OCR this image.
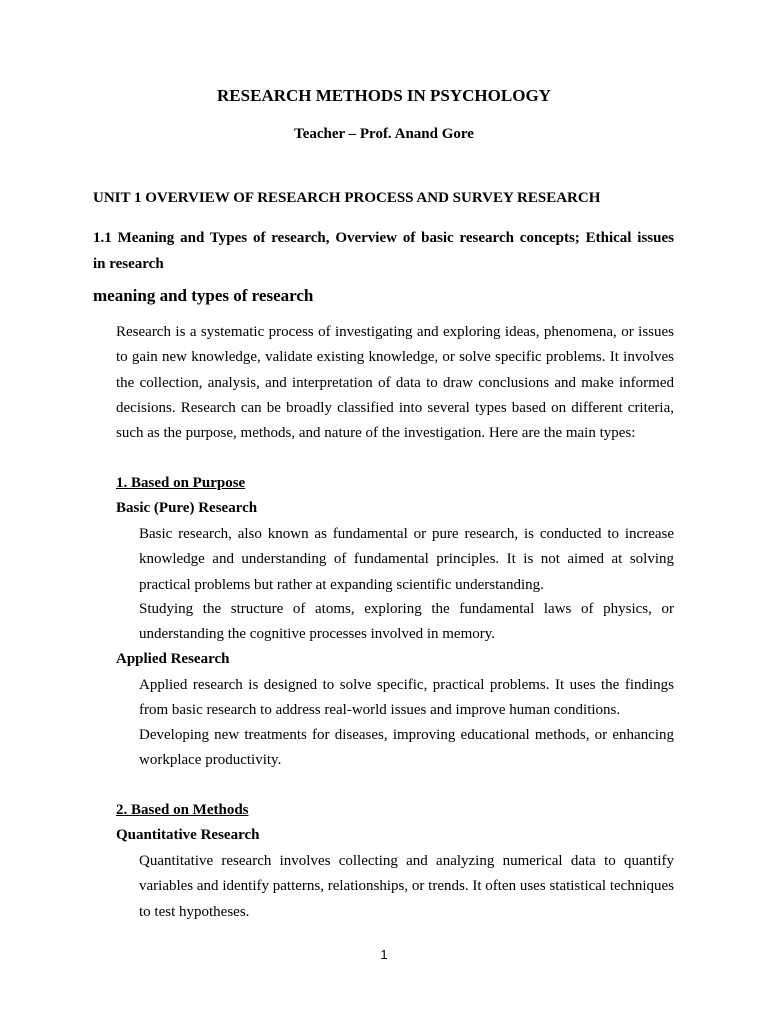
RESEARCH METHODS IN PSYCHOLOGY
Teacher – Prof. Anand Gore
UNIT 1 OVERVIEW OF RESEARCH PROCESS AND SURVEY RESEARCH
1.1 Meaning and Types of research, Overview of basic research concepts; Ethical issues
in research
meaning and types of research
Research is a systematic process of investigating and exploring ideas, phenomena, or issues to gain new knowledge, validate existing knowledge, or solve specific problems. It involves the collection, analysis, and interpretation of data to draw conclusions and make informed decisions. Research can be broadly classified into several types based on different criteria, such as the purpose, methods, and nature of the investigation. Here are the main types:
1. Based on Purpose
Basic (Pure) Research
Basic research, also known as fundamental or pure research, is conducted to increase knowledge and understanding of fundamental principles. It is not aimed at solving practical problems but rather at expanding scientific understanding.
Studying the structure of atoms, exploring the fundamental laws of physics, or understanding the cognitive processes involved in memory.
Applied Research
Applied research is designed to solve specific, practical problems. It uses the findings from basic research to address real-world issues and improve human conditions.
Developing new treatments for diseases, improving educational methods, or enhancing workplace productivity.
2. Based on Methods
Quantitative Research
Quantitative research involves collecting and analyzing numerical data to quantify variables and identify patterns, relationships, or trends. It often uses statistical techniques to test hypotheses.
1
